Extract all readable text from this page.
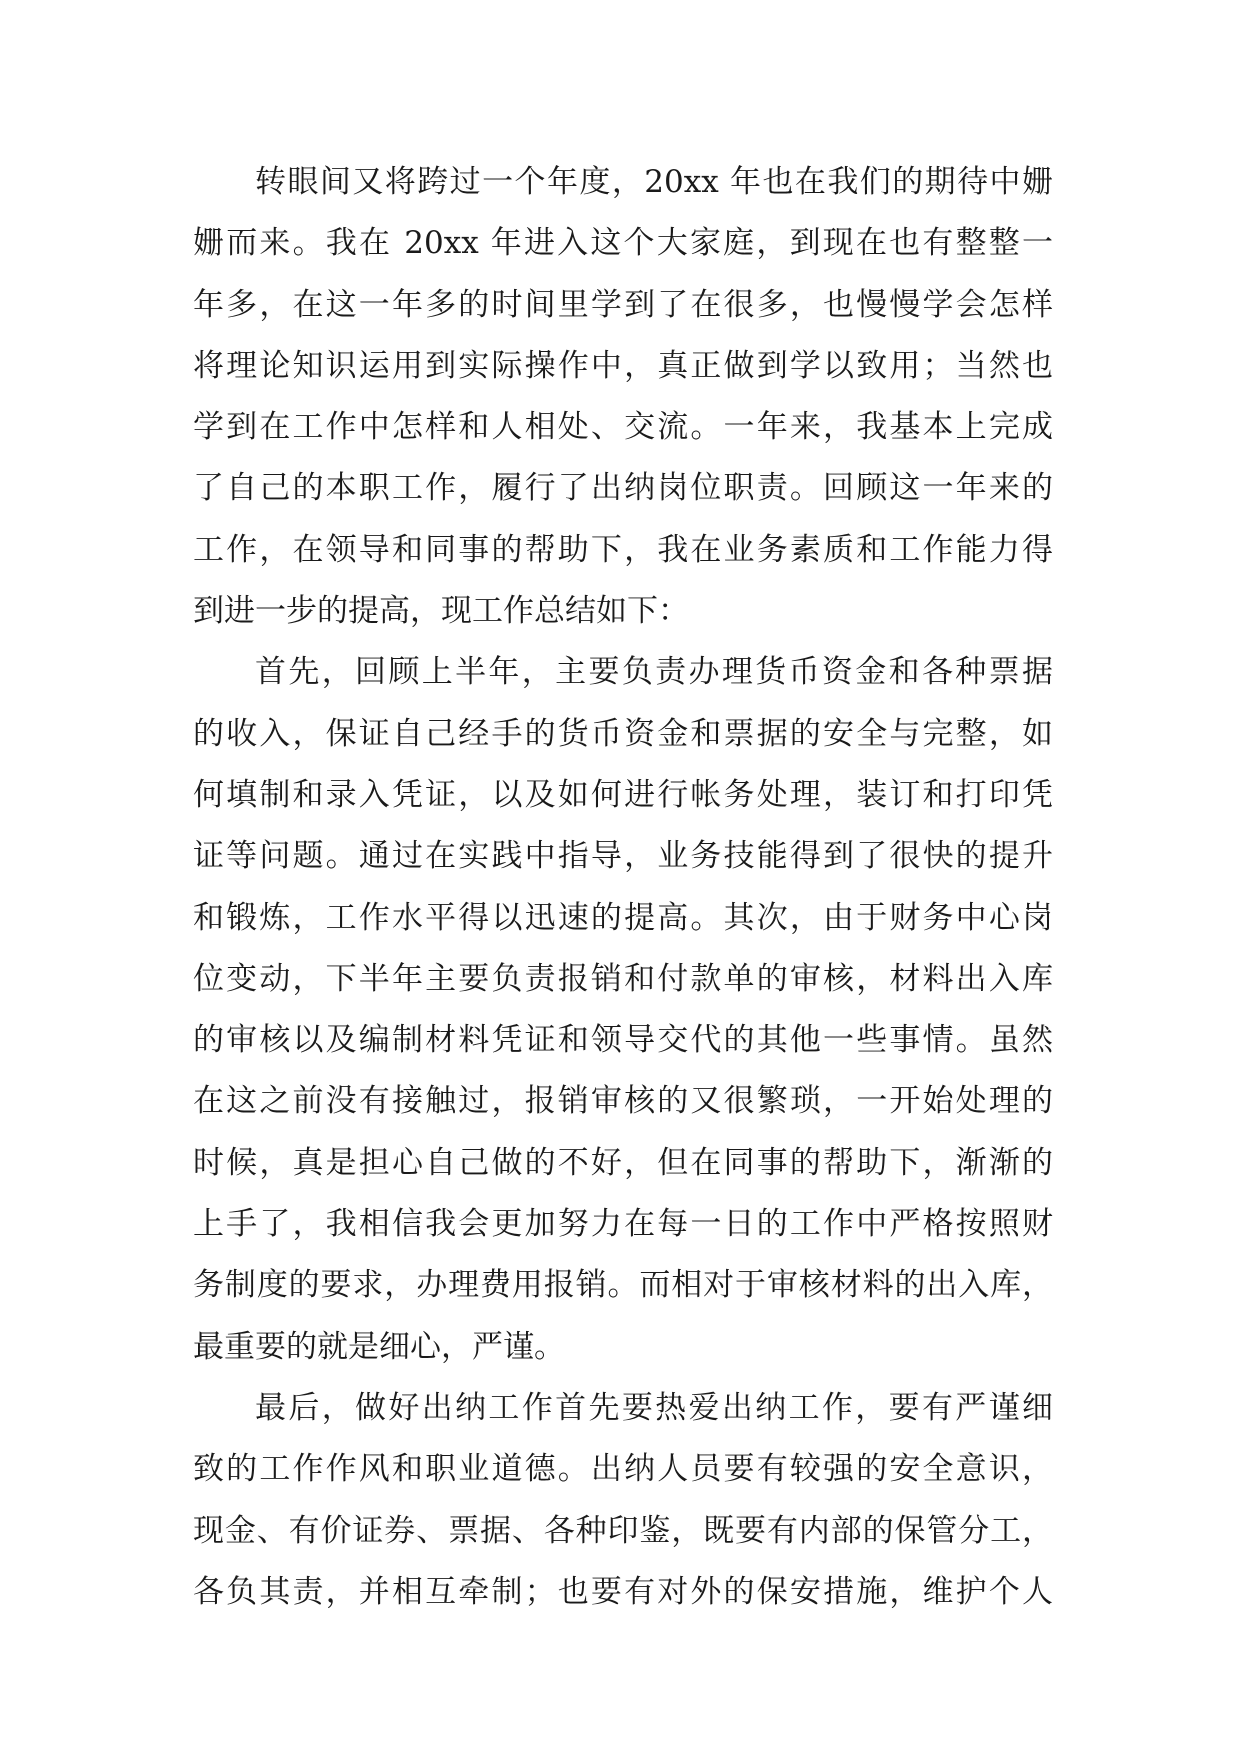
转眼间又将跨过一个年度，20xx 年也在我们的期待中姗
姗而来。我在 20xx 年进入这个大家庭，到现在也有整整一
年多，在这一年多的时间里学到了在很多，也慢慢学会怎样
将理论知识运用到实际操作中，真正做到学以致用；当然也
学到在工作中怎样和人相处、交流。一年来，我基本上完成
了自己的本职工作，履行了出纳岗位职责。回顾这一年来的
工作，在领导和同事的帮助下，我在业务素质和工作能力得
到进一步的提高，现工作总结如下：
首先，回顾上半年，主要负责办理货币资金和各种票据
的收入，保证自己经手的货币资金和票据的安全与完整，如
何填制和录入凭证，以及如何进行帐务处理，装订和打印凭
证等问题。通过在实践中指导，业务技能得到了很快的提升
和锻炼，工作水平得以迅速的提高。其次，由于财务中心岗
位变动，下半年主要负责报销和付款单的审核，材料出入库
的审核以及编制材料凭证和领导交代的其他一些事情。虽然
在这之前没有接触过，报销审核的又很繁琐，一开始处理的
时候，真是担心自己做的不好，但在同事的帮助下，渐渐的
上手了，我相信我会更加努力在每一日的工作中严格按照财
务制度的要求，办理费用报销。而相对于审核材料的出入库，
最重要的就是细心，严谨。
最后，做好出纳工作首先要热爱出纳工作，要有严谨细
致的工作作风和职业道德。出纳人员要有较强的安全意识，
现金、有价证券、票据、各种印鉴，既要有内部的保管分工，
各负其责，并相互牵制；也要有对外的保安措施，维护个人
